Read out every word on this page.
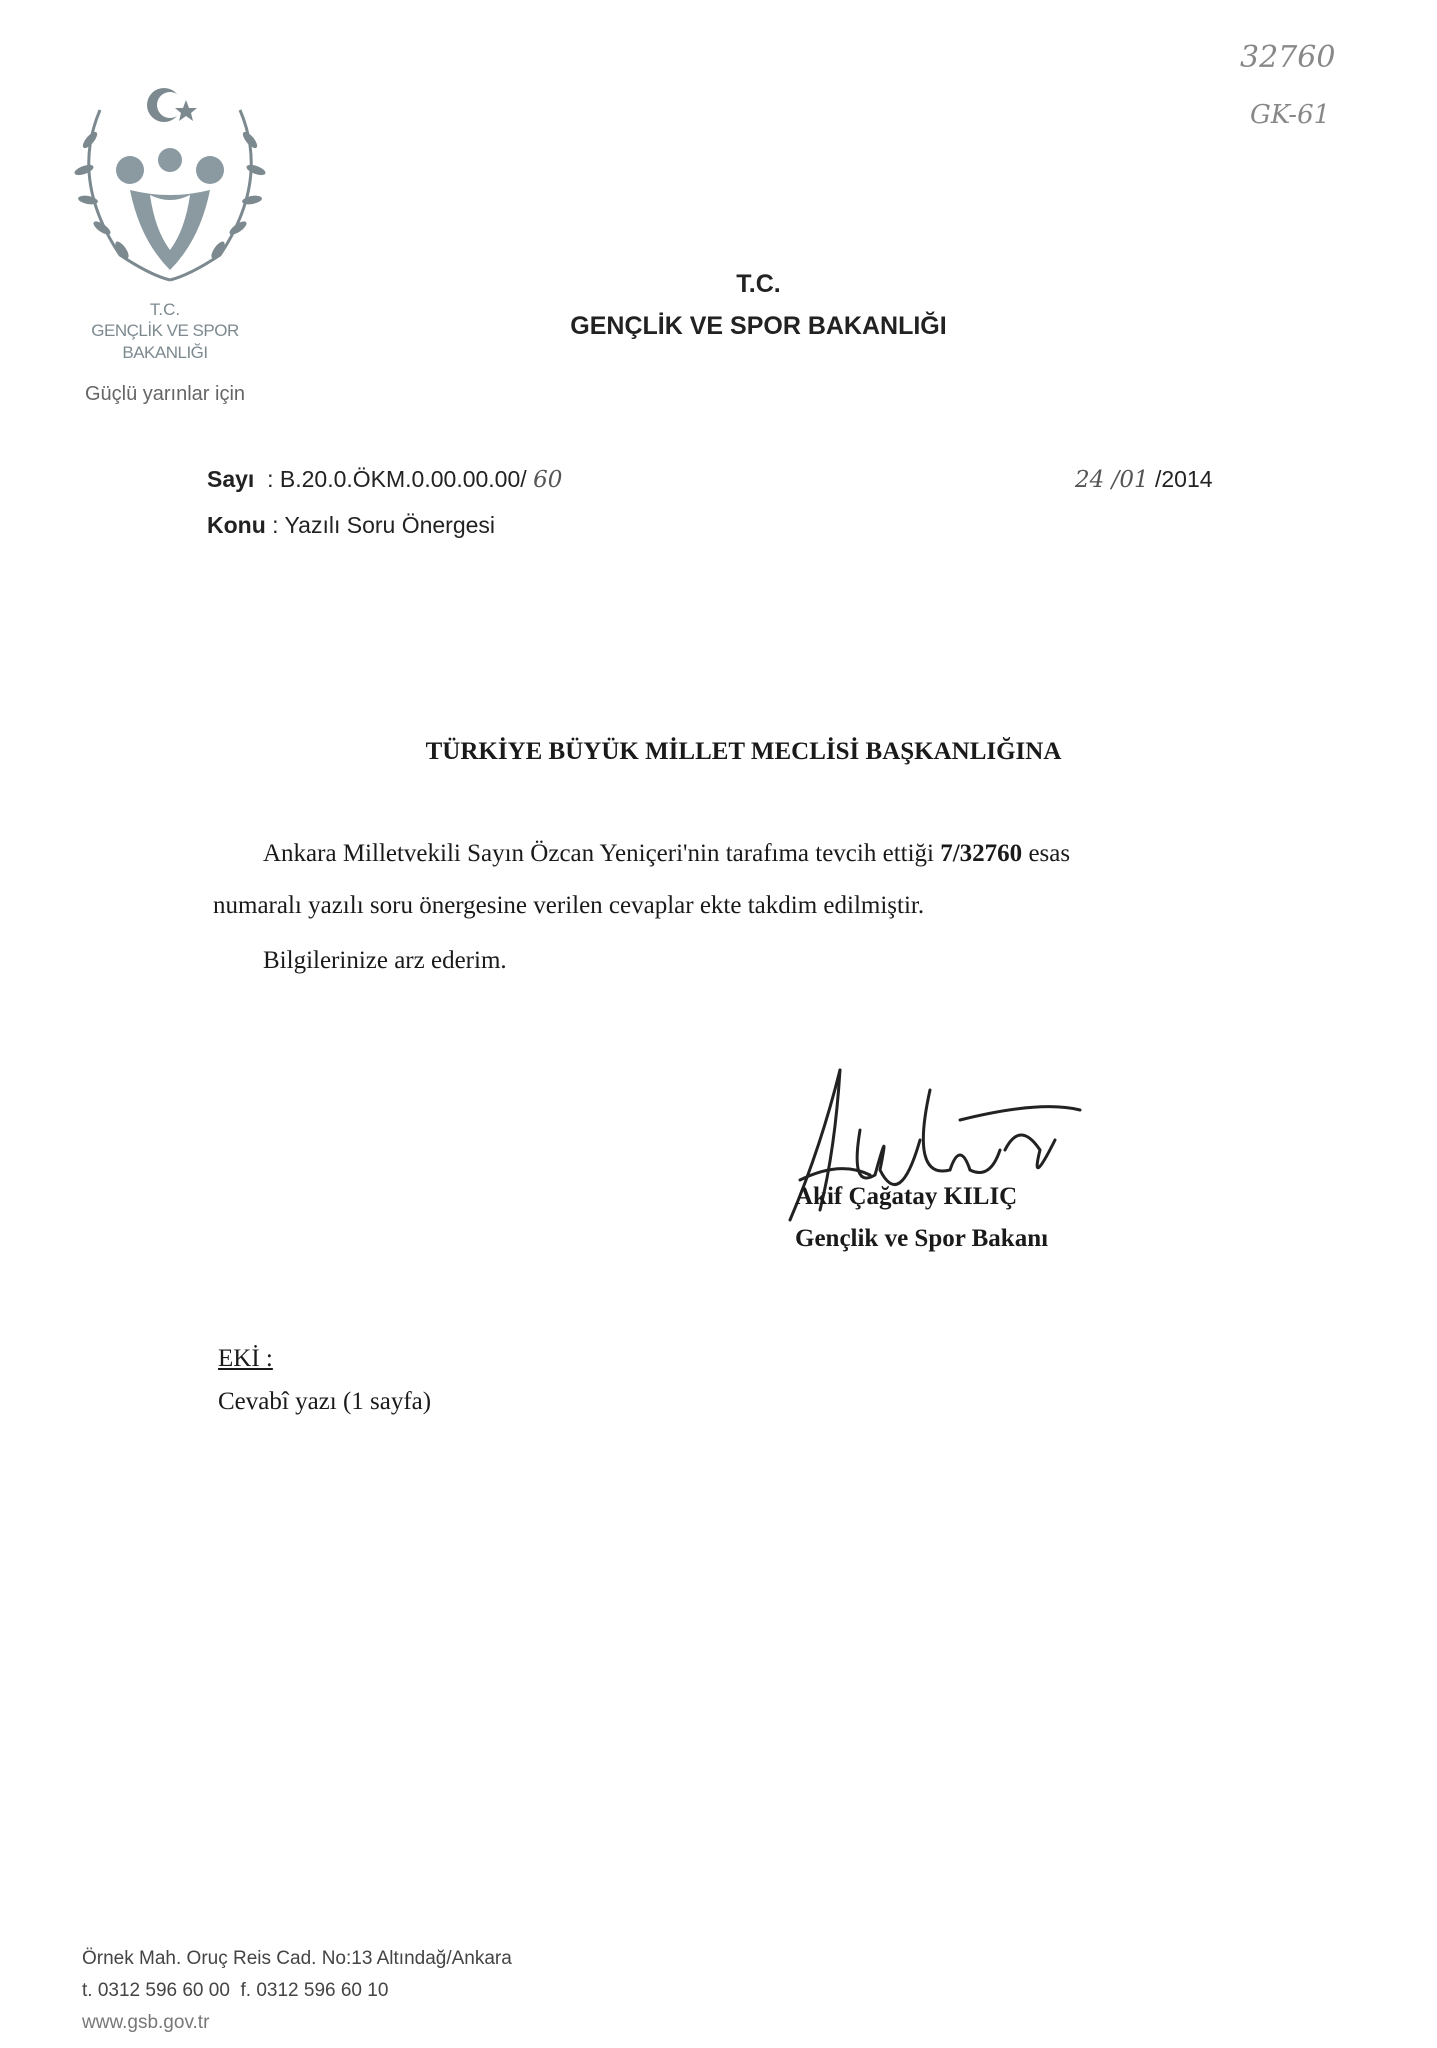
32760
GK-61
T.C.
GENÇLİK VE SPOR
BAKANLIĞI
Güçlü yarınlar için
T.C.
GENÇLİK VE SPOR BAKANLIĞI
Sayı : B.20.0.ÖKM.0.00.00.00/ 60
Konu : Yazılı Soru Önergesi
24 /01 /2014
TÜRKİYE BÜYÜK MİLLET MECLİSİ BAŞKANLIĞINA
Ankara Milletvekili Sayın Özcan Yeniçeri'nin tarafıma tevcih ettiği 7/32760 esas
numaralı yazılı soru önergesine verilen cevaplar ekte takdim edilmiştir.
Bilgilerinize arz ederim.
Akif Çağatay KILIÇ
Gençlik ve Spor Bakanı
EKİ :
Cevabî yazı (1 sayfa)
Örnek Mah. Oruç Reis Cad. No:13 Altındağ/Ankara
t. 0312 596 60 00 f. 0312 596 60 10
www.gsb.gov.tr
